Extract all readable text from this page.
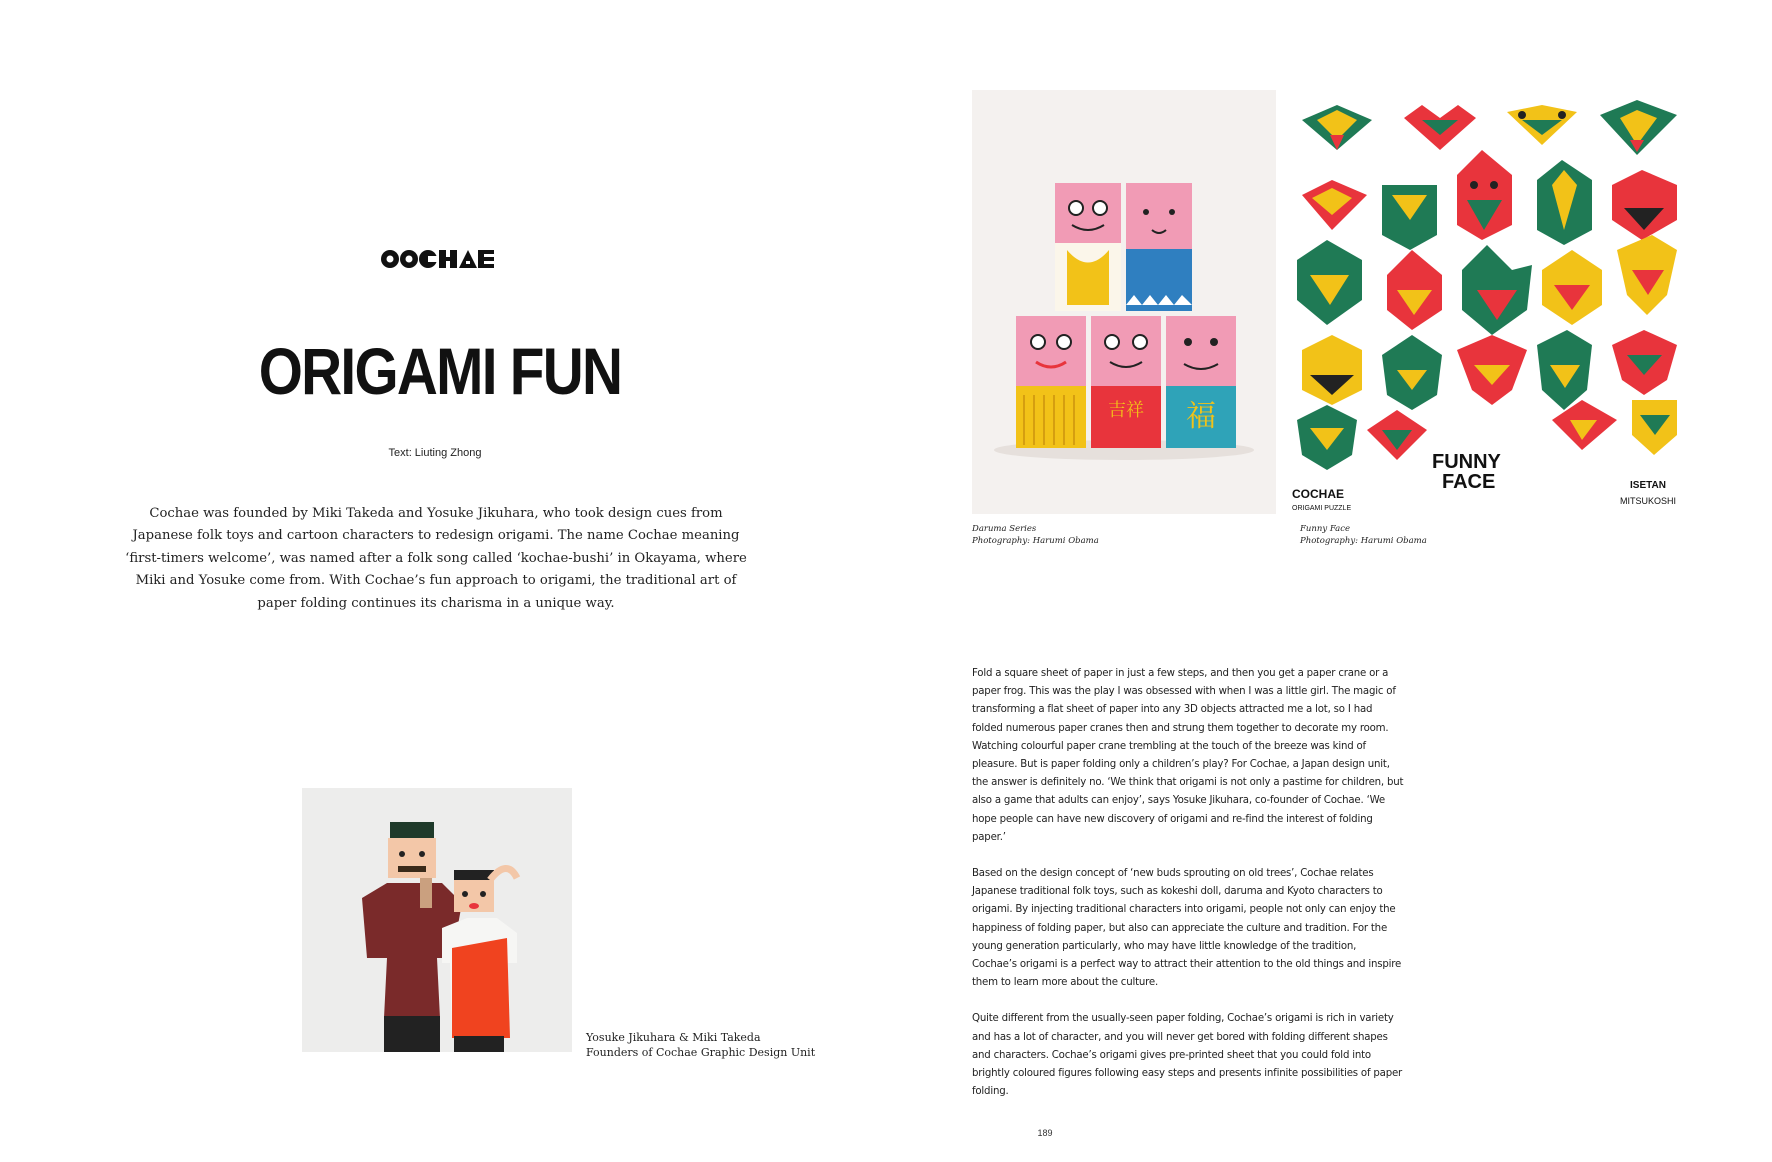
ORIGAMI FUN
Text: Liuting Zhong
Cochae was founded by Miki Takeda and Yosuke Jikuhara, who took design cues from Japanese folk toys and cartoon characters to redesign origami. The name Cochae meaning ‘first-timers welcome’, was named after a folk song called ‘kochae-bushi’ in Okayama, where Miki and Yosuke come from. With Cochae’s fun approach to origami, the traditional art of paper folding continues its charisma in a unique way.
吉祥 福
Daruma Series
Photography: Harumi Obama
FUNNY
FACE
COCHAE
ORIGAMI PUZZLE
ISETAN
MITSUKOSHI
Funny Face
Photography: Harumi Obama
Yosuke Jikuhara & Miki Takeda
Founders of Cochae Graphic Design Unit

Fold a square sheet of paper in just a few steps, and then you get a paper crane or a paper frog. This was the play I was obsessed with when I was a little girl. The magic of transforming a flat sheet of paper into any 3D objects attracted me a lot, so I had folded numerous paper cranes then and strung them together to decorate my room. Watching colourful paper crane trembling at the touch of the breeze was kind of pleasure. But is paper folding only a children’s play? For Cochae, a Japan design unit, the answer is definitely no. ‘We think that origami is not only a pastime for children, but also a game that adults can enjoy’, says Yosuke Jikuhara, co-founder of Cochae. ‘We hope people can have new discovery of origami and re-find the interest of folding paper.’

Based on the design concept of ‘new buds sprouting on old trees’, Cochae relates Japanese traditional folk toys, such as kokeshi doll, daruma and Kyoto characters to origami. By injecting traditional characters into origami, people not only can enjoy the happiness of folding paper, but also can appreciate the culture and tradition. For the young generation particularly, who may have little knowledge of the tradition, Cochae’s origami is a perfect way to attract their attention to the old things and inspire them to learn more about the culture.

Quite different from the usually-seen paper folding, Cochae’s origami is rich in variety and has a lot of character, and you will never get bored with folding different shapes and characters. Cochae’s origami gives pre-printed sheet that you could fold into brightly coloured figures following easy steps and presents infinite possibilities of paper folding.

189
